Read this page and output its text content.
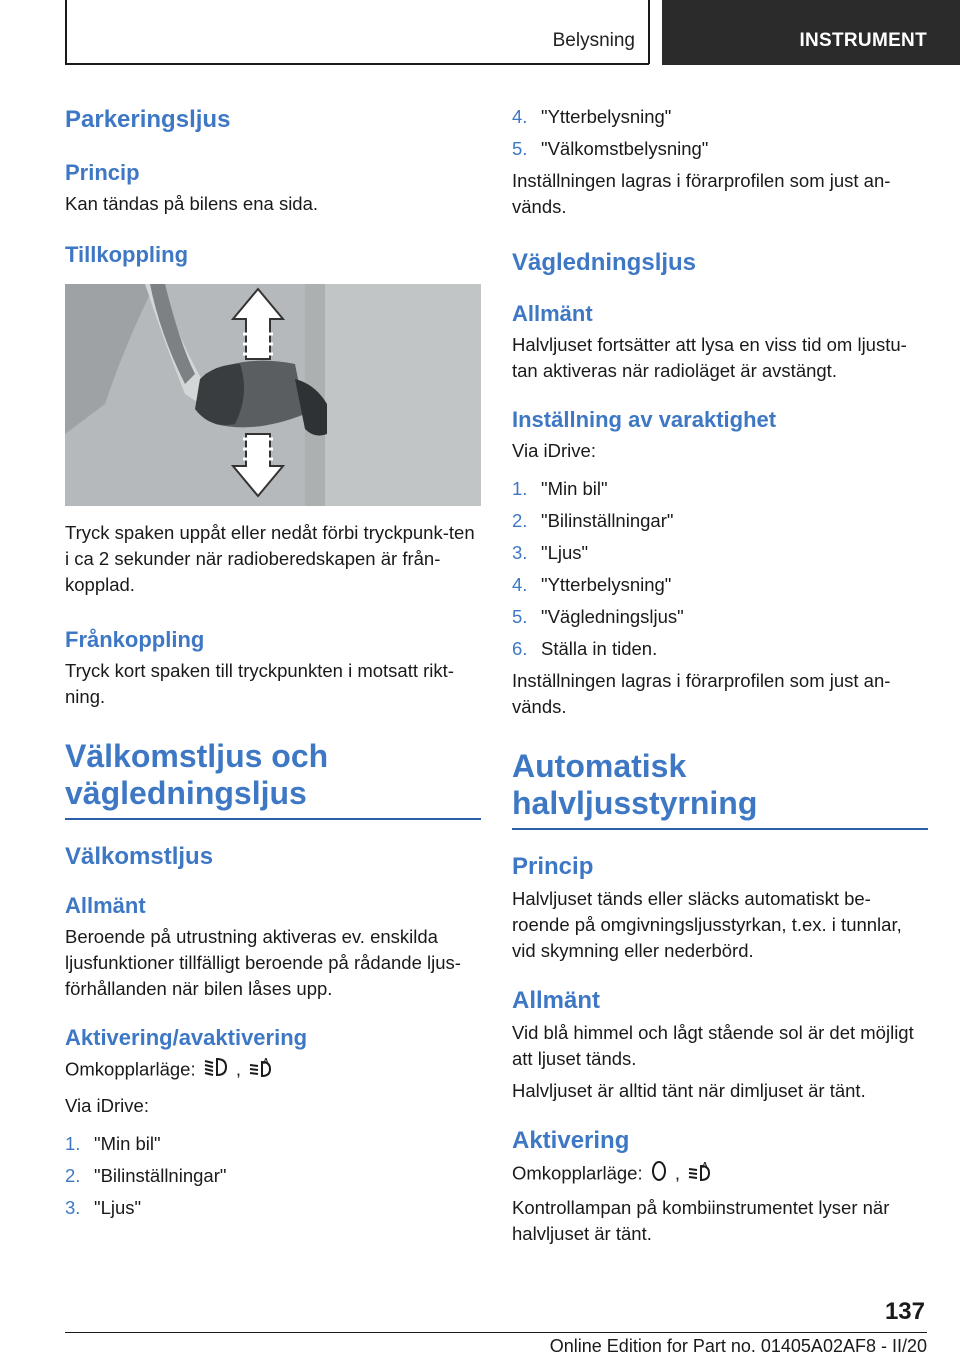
Belysning	INSTRUMENT
Parkeringsljus
Princip

Kan tändas på bilens ena sida.

Tillkoppling

Tryck spaken uppåt eller nedåt förbi tryckpunk-ten i ca 2 sekunder när radioberedskapen är från-kopplad.

Frånkoppling

Tryck kort spaken till tryckpunkten i motsatt rikt-ning.

Välkomstljus och vägledningsljus
Välkomstljus
Allmänt

Beroende på utrustning aktiveras ev. enskilda ljusfunktioner tillfälligt beroende på rådande ljus-förhållanden när bilen låses upp.

Aktivering/avaktivering

Omkopplarläge: ,	A

Via iDrive:

1. "Min bil"
2. "Bilinställningar"
3. "Ljus"
4. "Ytterbelysning"
5. "Välkomstbelysning"

Inställningen lagras i förarprofilen som just an-vänds.

Vägledningsljus
Allmänt

Halvljuset fortsätter att lysa en viss tid om ljustu-tan aktiveras när radioläget är avstängt.

Inställning av varaktighet

Via iDrive:

1. "Min bil"
2. "Bilinställningar"
3. "Ljus"
4. "Ytterbelysning"
5. "Vägledningsljus"
6. Ställa in tiden.

Inställningen lagras i förarprofilen som just an-vänds.

Automatisk halvljusstyrning
Princip

Halvljuset tänds eller släcks automatiskt be-roende på omgivningsljusstyrkan, t.ex. i tunnlar, vid skymning eller nederbörd.

Allmänt

Vid blå himmel och lågt stående sol är det möjligt att ljuset tänds.

Halvljuset är alltid tänt när dimljuset är tänt.

Aktivering

Omkopplarläge: ,	A

Kontrollampan på kombiinstrumentet lyser när halvljuset är tänt.

137
Online Edition for Part no. 01405A02AF8 - II/20
